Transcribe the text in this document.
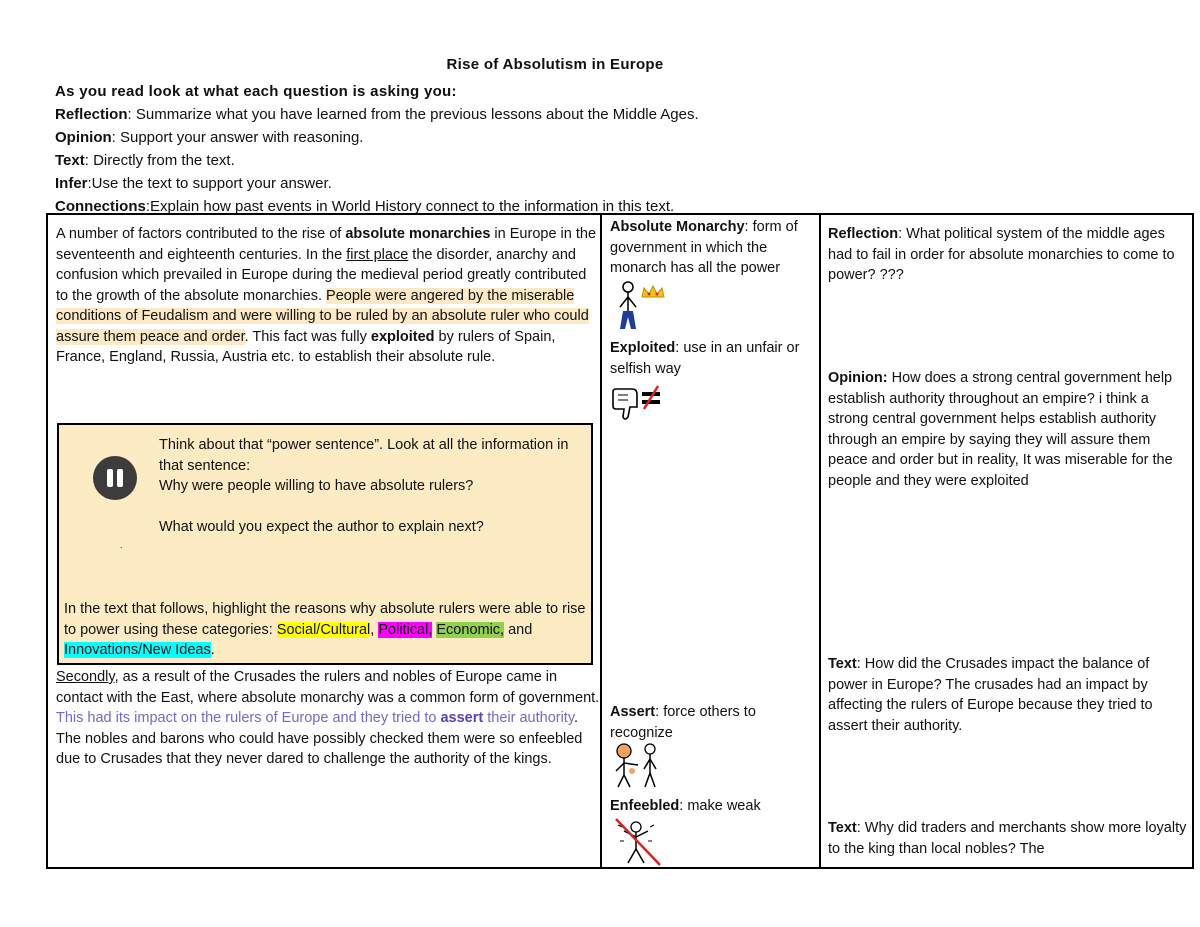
Rise of Absolutism in Europe
As you read look at what each question is asking you:
Reflection: Summarize what you have learned from the previous lessons about the Middle Ages.
Opinion: Support your answer with reasoning.
Text: Directly from the text.
Infer:Use the text to support your answer.
Connections:Explain how past events in World History connect to the information in this text.
A number of factors contributed to the rise of absolute monarchies in Europe in the seventeenth and eighteenth centuries. In the first place the disorder, anarchy and confusion which prevailed in Europe during the medieval period greatly contributed to the growth of the absolute monarchies. People were angered by the miserable conditions of Feudalism and were willing to be ruled by an absolute ruler who could assure them peace and order. This fact was fully exploited by rulers of Spain, France, England, Russia, Austria etc. to establish their absolute rule.
Think about that “power sentence”. Look at all the information in that sentence:
Why were people willing to have absolute rulers?
What would you expect the author to explain next?
.
In the text that follows, highlight the reasons why absolute rulers were able to rise to power using these categories: Social/Cultural, Political, Economic, and Innovations/New Ideas.
Secondly, as a result of the Crusades the rulers and nobles of Europe came in contact with the East, where absolute monarchy was a common form of government. This had its impact on the rulers of Europe and they tried to assert their authority. The nobles and barons who could have possibly checked them were so enfeebled due to Crusades that they never dared to challenge the authority of the kings.
Absolute Monarchy: form of government in which the monarch has all the power
Exploited: use in an unfair or selfish way
Assert: force others to recognize
Enfeebled: make weak
Reflection: What political system of the middle ages had to fail in order for absolute monarchies to come to power? ???
Opinion: How does a strong central government help establish authority throughout an empire? i think a strong central government helps establish authority through an empire by saying they will assure them peace and order but in reality, It was miserable for the people and they were exploited
Text: How did the Crusades impact the balance of power in Europe? The crusades had an impact by affecting the rulers of Europe because they tried to assert their authority.
Text: Why did traders and merchants show more loyalty to the king than local nobles? The
